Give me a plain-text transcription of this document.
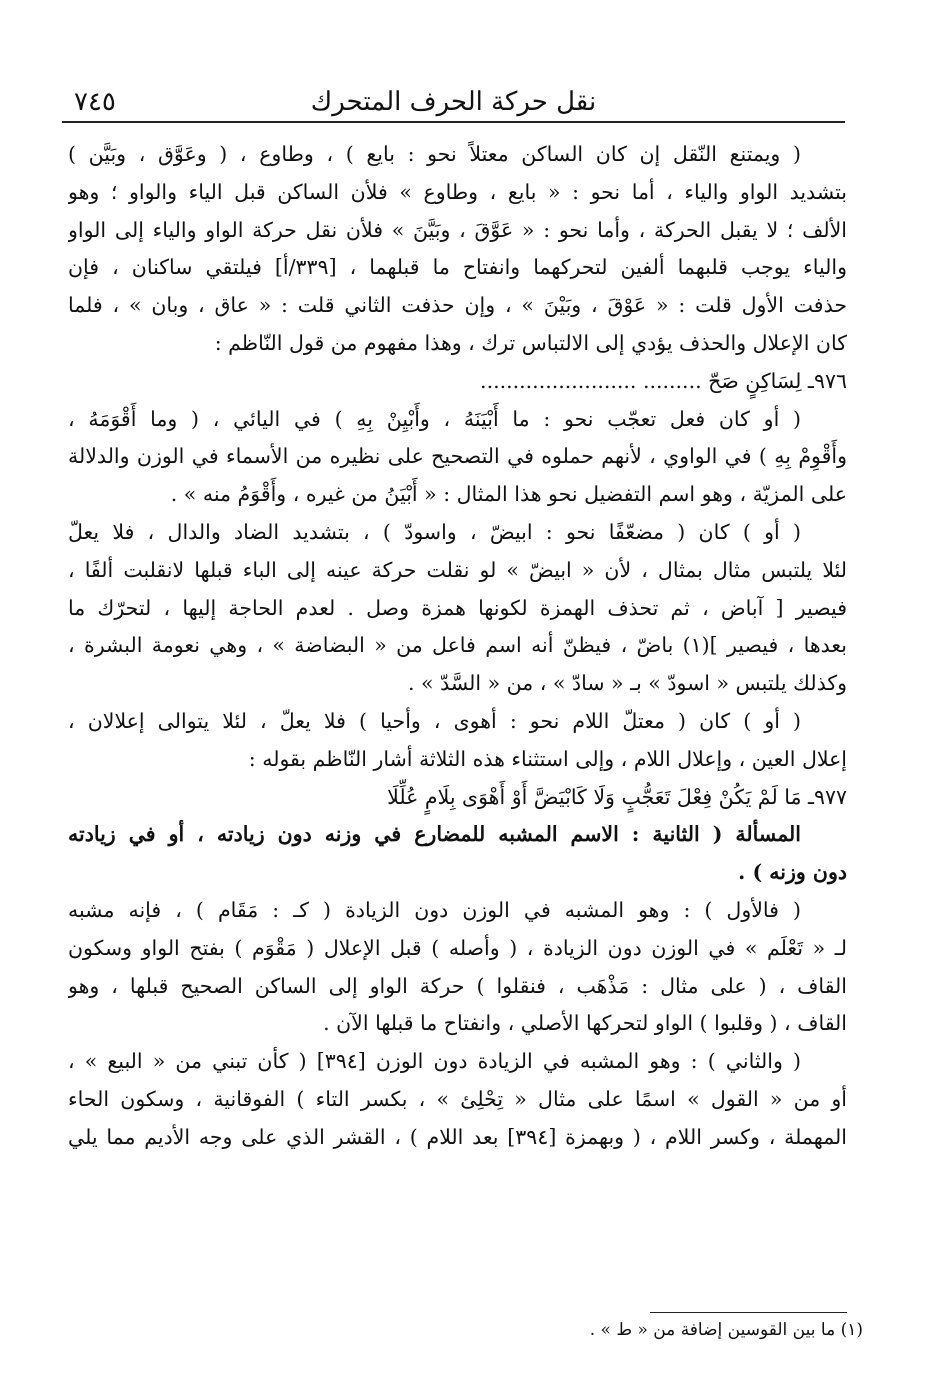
٧٤٥	نقل حركة الحرف المتحرك
( ويمتنع النّقل إن كان الساكن معتلاً نحو : بايع ) ، وطاوع ، ( وعَوَّق ، وبَيَّن )
بتشديد الواو والياء ، أما نحو : « بايع ، وطاوع » فلأن الساكن قبل الياء والواو ؛ وهو
الألف ؛ لا يقبل الحركة ، وأما نحو : « عَوَّقَ ، وبَيَّنَ » فلأن نقل حركة الواو والياء إلى الواو
والياء يوجب قلبهما ألفين لتحركهما وانفتاح ما قبلهما ، [٣٣٩/أ] فيلتقي ساكنان ، فإن
حذفت الأول قلت : « عَوْقَ ، وبَيْنَ » ، وإن حذفت الثاني قلت : « عاق ، وبان » ، فلما
كان الإعلال والحذف يؤدي إلى الالتباس ترك ، وهذا مفهوم من قول النّاظم :
٩٧٦ـ لِسَاكِنٍ صَحّ ......... ........................
( أو كان فعل تعجّب نحو : ما أَبْيَنَهُ ، وأَبْيِنْ بِهِ ) في اليائي ، ( وما أَقْوَمَهُ ،
وأَقْوِمْ بِهِ ) في الواوي ، لأنهم حملوه في التصحيح على نظيره من الأسماء في الوزن والدلالة
على المزيّة ، وهو اسم التفضيل نحو هذا المثال : « أَبْيَنُ من غيره ، وأَقْوَمُ منه » .
( أو ) كان ( مضعّفًا نحو : ابيضّ ، واسودّ ) ، بتشديد الضاد والدال ، فلا يعلّ
لئلا يلتبس مثال بمثال ، لأن « ابيضّ » لو نقلت حركة عينه إلى الباء قبلها لانقلبت ألفًا ،
فيصير [ آباض ، ثم تحذف الهمزة لكونها همزة وصل . لعدم الحاجة إليها ، لتحرّك ما
بعدها ، فيصير ](١) باضّ ، فيظنّ أنه اسم فاعل من « البضاضة » ، وهي نعومة البشرة ،
وكذلك يلتبس « اسودّ » بـ « سادّ » ، من « السَّدّ » .
( أو ) كان ( معتلّ اللام نحو : أهوى ، وأحيا ) فلا يعلّ ، لئلا يتوالى إعلالان ،
إعلال العين ، وإعلال اللام ، وإلى استثناء هذه الثلاثة أشار النّاظم بقوله :
٩٧٧ـ مَا لَمْ يَكُنْ فِعْلَ تَعَجُّبٍ وَلَا كَابْيَضَّ أَوْ أَهْوَى بِلَامٍ عُلِّلَا
المسألة ( الثانية : الاسم المشبه للمضارع في وزنه دون زيادته ، أو في زيادته
دون وزنه ) .
( فالأول ) : وهو المشبه في الوزن دون الزيادة ( كـ : مَقَام ) ، فإنه مشبه
لـ « تَعْلَم » في الوزن دون الزيادة ، ( وأصله ) قبل الإعلال ( مَقْوَم ) بفتح الواو وسكون
القاف ، ( على مثال : مَذْهَب ، فنقلوا ) حركة الواو إلى الساكن الصحيح قبلها ، وهو
القاف ، ( وقلبوا ) الواو لتحركها الأصلي ، وانفتاح ما قبلها الآن .
( والثاني ) : وهو المشبه في الزيادة دون الوزن [٣٩٤] ( كأن تبني من « البيع » ،
أو من « القول » اسمًا على مثال « تِحْلِئ » ، بكسر التاء ) الفوقانية ، وسكون الحاء
المهملة ، وكسر اللام ، ( وبهمزة [٣٩٤] بعد اللام ) ، القشر الذي على وجه الأديم مما يلي
(١) ما بين القوسين إضافة من « ط » .
